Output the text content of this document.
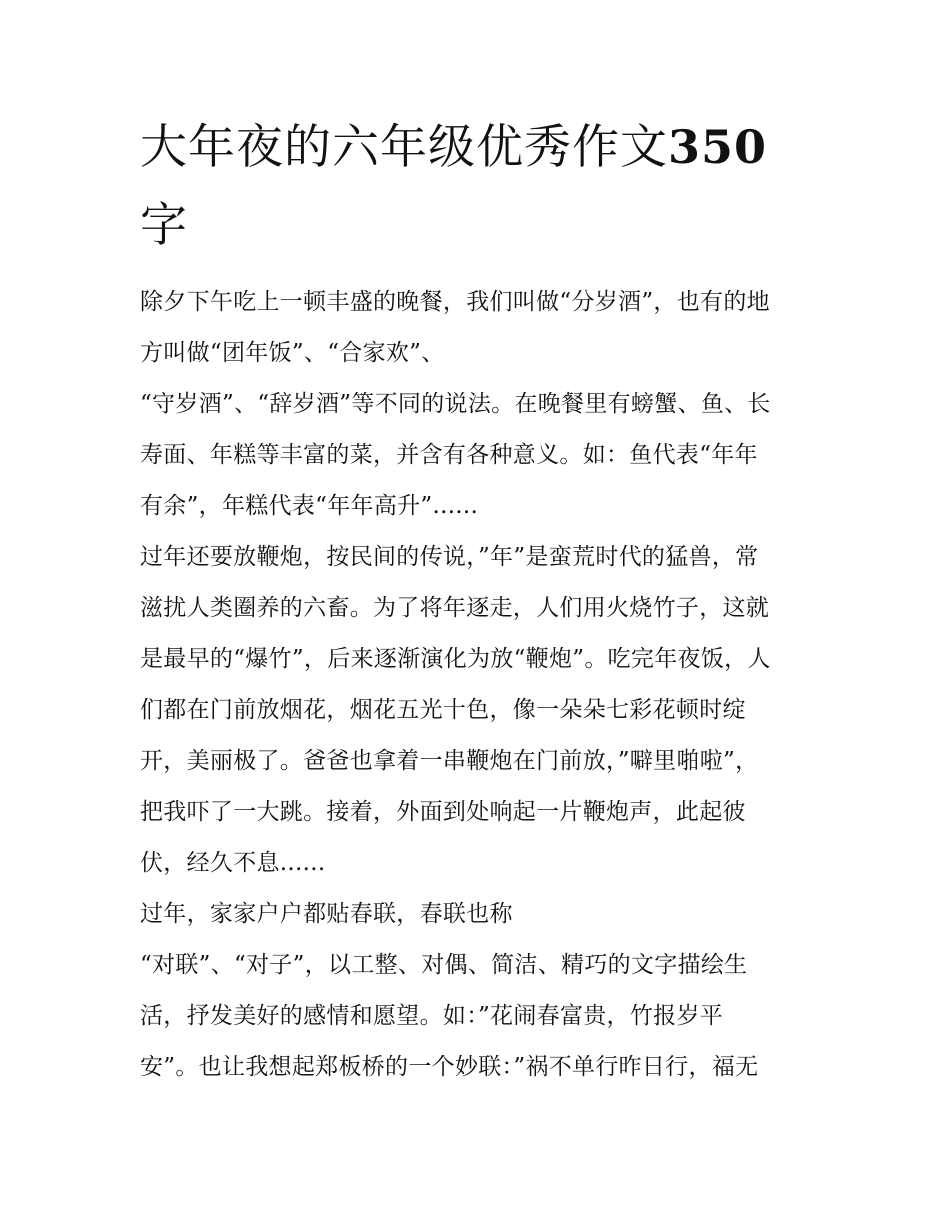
大年夜的六年级优秀作文350
字
除夕下午吃上一顿丰盛的晚餐，我们叫做“分岁酒”，也有的地
方叫做“团年饭”、“合家欢”、
“守岁酒”、“辞岁酒”等不同的说法。在晚餐里有螃蟹、鱼、长
寿面、年糕等丰富的菜，并含有各种意义。如：鱼代表“年年
有余”，年糕代表“年年高升”......
过年还要放鞭炮，按民间的传说，”年”是蛮荒时代的猛兽，常
滋扰人类圈养的六畜。为了将年逐走，人们用火烧竹子，这就
是最早的“爆竹”，后来逐渐演化为放“鞭炮”。吃完年夜饭，人
们都在门前放烟花，烟花五光十色，像一朵朵七彩花顿时绽
开，美丽极了。爸爸也拿着一串鞭炮在门前放，”噼里啪啦”，
把我吓了一大跳。接着，外面到处响起一片鞭炮声，此起彼
伏，经久不息......
过年，家家户户都贴春联，春联也称
“对联”、“对子”，以工整、对偶、简洁、精巧的文字描绘生
活，抒发美好的感情和愿望。如：”花闹春富贵，竹报岁平
安”。也让我想起郑板桥的一个妙联：”祸不单行昨日行，福无
